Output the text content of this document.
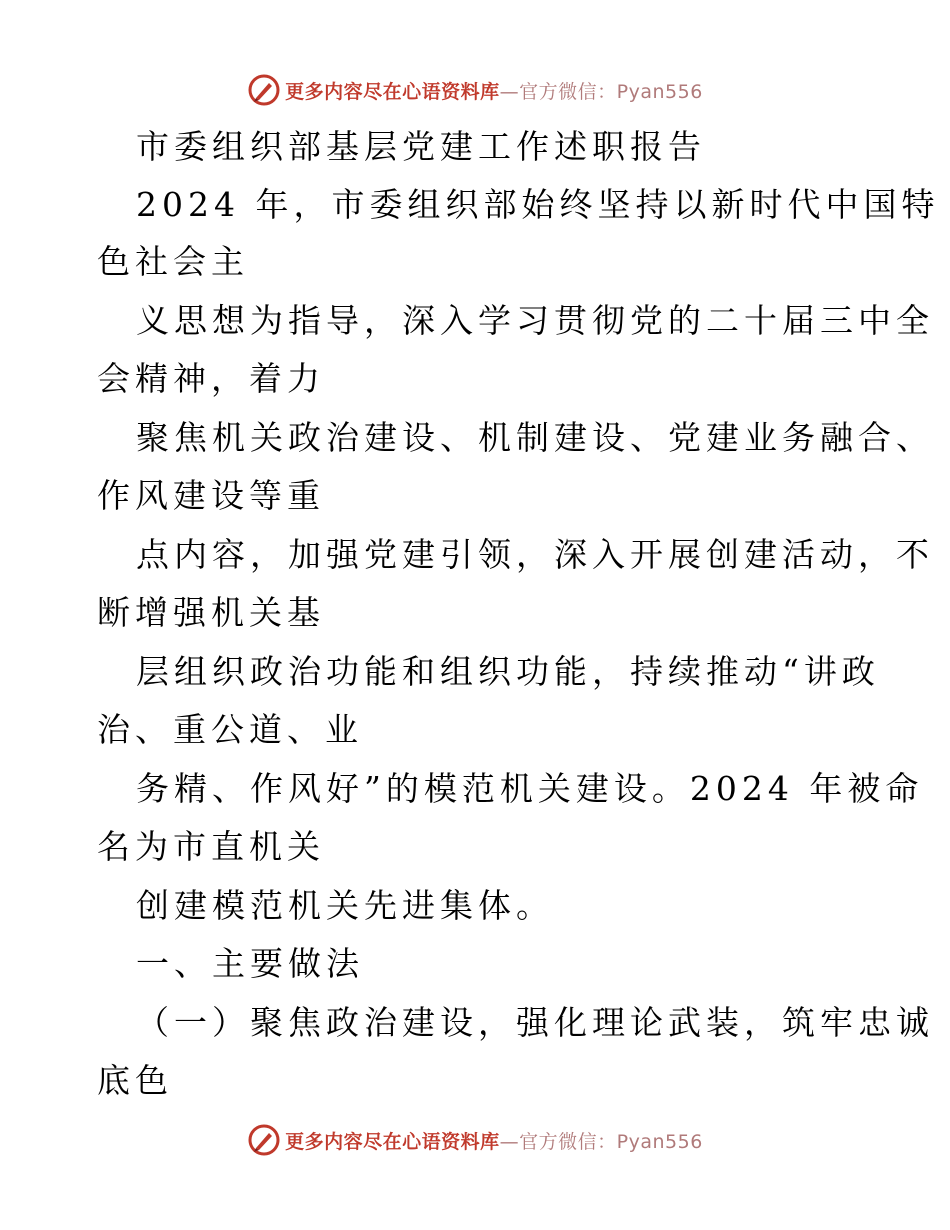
更多内容尽在心语资料库 —官方微信：Pyan556
市委组织部基层党建工作述职报告
2024 年，市委组织部始终坚持以新时代中国特
色社会主
义思想为指导，深入学习贯彻党的二十届三中全
会精神，着力
聚焦机关政治建设、机制建设、党建业务融合、
作风建设等重
点内容，加强党建引领，深入开展创建活动，不
断增强机关基
层组织政治功能和组织功能，持续推动“讲政
治、重公道、业
务精、作风好”的模范机关建设。2024 年被命
名为市直机关
创建模范机关先进集体。
一、主要做法
（一）聚焦政治建设，强化理论武装，筑牢忠诚
底色
更多内容尽在心语资料库 —官方微信：Pyan556
